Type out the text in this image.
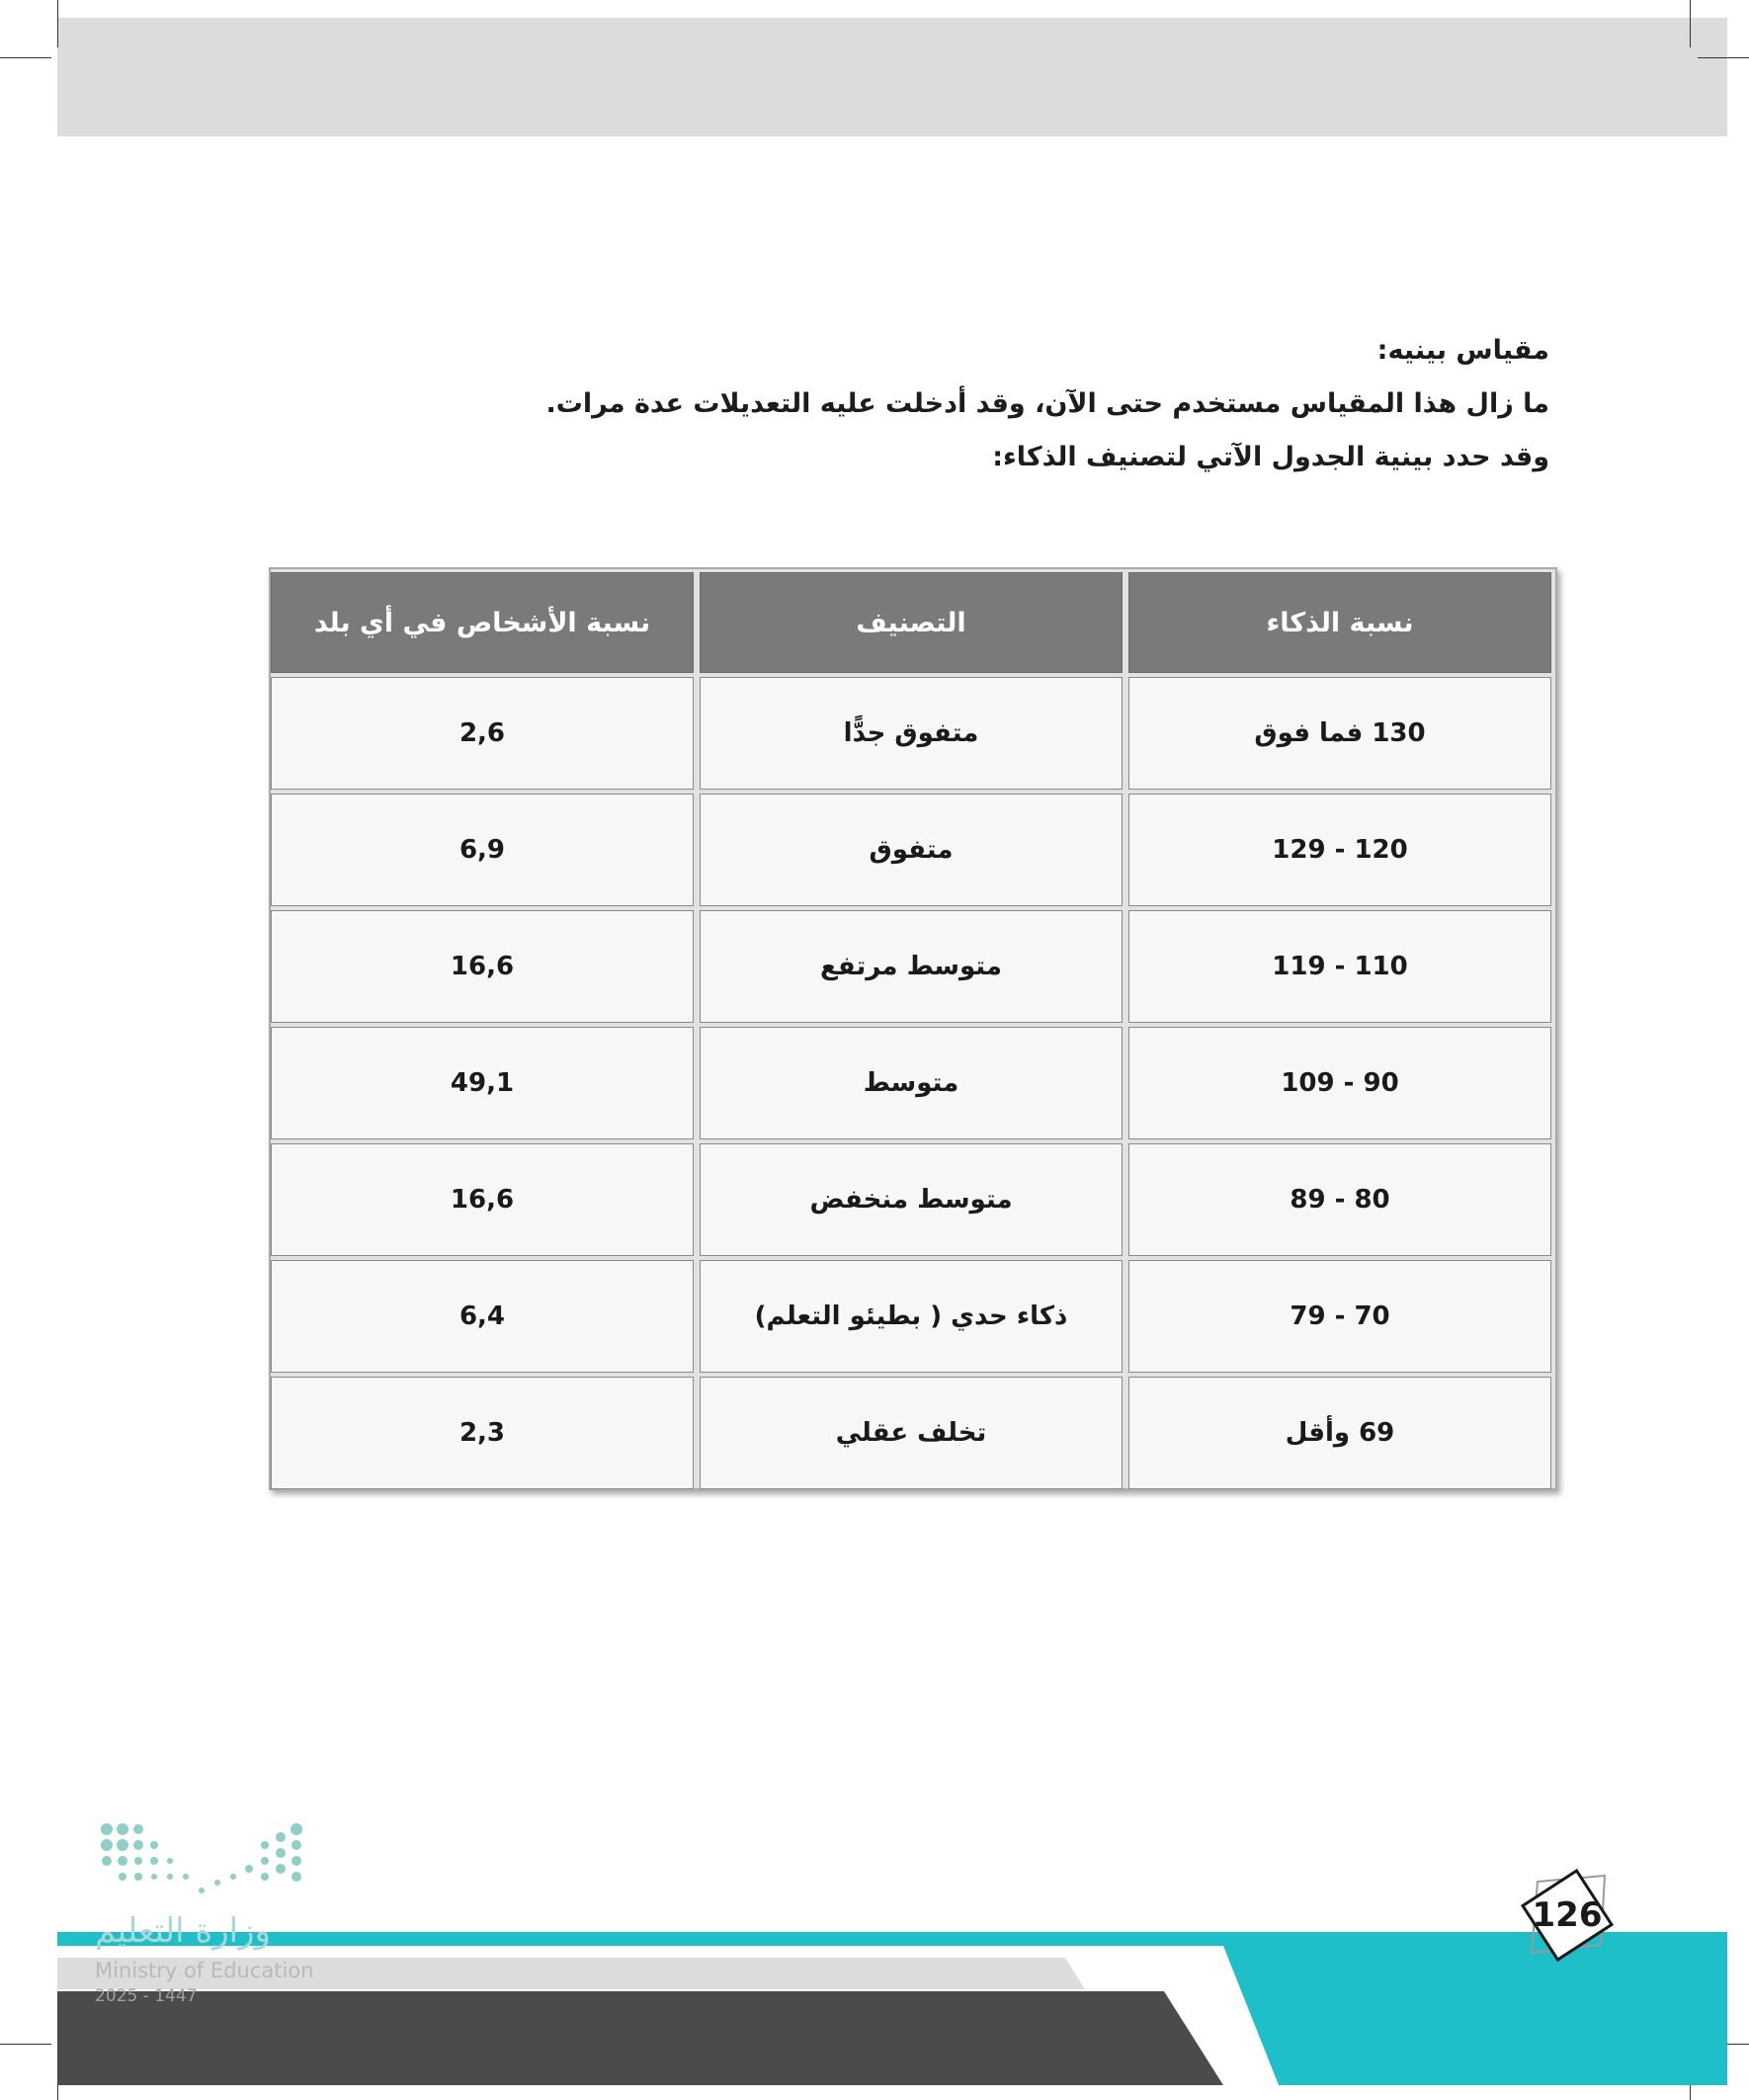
مقياس بينيه:
ما زال هذا المقياس مستخدم حتى الآن، وقد أدخلت عليه التعديلات عدة مرات.
وقد حدد بينية الجدول الآتي لتصنيف الذكاء:
نسبة الذكاء
التصنيف
نسبة الأشخاص في أي بلد
130 فما فوق
متفوق جدًّا
2,6
120 - 129
متفوق
6,9
110 - 119
متوسط مرتفع
16,6
90 - 109
متوسط
49,1
80 - 89
متوسط منخفض
16,6
70 - 79
ذكاء حدي ( بطيئو التعلم)
6,4
69 وأقل
تخلف عقلي
2,3
وزارة التعليم
Ministry of Education
2025 - 1447
126
